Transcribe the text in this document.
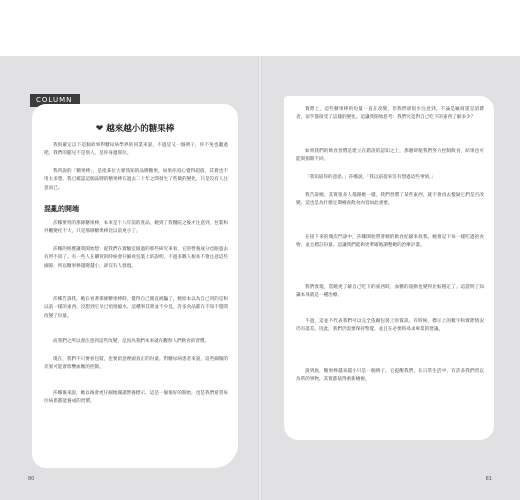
COLUMN
❤ 越來越小的糖果棒
我很確定以下這個故事對糖尿病學界的同業來說，不過是又一個例子，你不免也聽過吧。我們的題兒不是別人，是你身邊那位。
我所說的「糖果棒」，是指某位大眾熟知的品牌糖果，如果你真心覺得超值，其實也不用太多想。我已確認這個品牌的糖果棒在過去二十年之間發生了些微的變化，只是沒有人注意而已。
混亂的開端
莎娜要買的那條糖果棒，本來是十八年前的產品，她到了我醫院之後才注意到，包裝和外觀變化不大，只是那條糖果棒比以前更小了。
莎娜的經歷讓我開始想：從我們在實驗室做過的那些研究來看，它的營養成分也跟過去有所不同了。有一些人在購買的時候會仔細看包裝上的說明，不過多數人根本不會注意這些細節，所以糖果棒越變越小，卻沒有人發現。
莎娜告訴我，她在看著那條糖果棒時，覺得自己簡直被騙了。她原本以為自己買的是和以前一樣的東西，沒想到它早已悄悄縮水。這種事其實並不少見，許多食品都在不知不覺間改變了份量。
而我們之所以會注意到這些改變，是因為我們本來就在觀察人們飲食的習慣。
現在，我們不只要看包裝，也要留意裡頭真正的份量。對糖尿病患者來說，這些細微的差異可能會影響血糖的控制。
莎娜後來說，她以後會更仔細地閱讀營養標示。這是一個很好的開始，也是我們希望每位病患都能養成的習慣。
80
實際上，這些糖果棒的份量一直在改變，但我們卻很少注意到。不論是廠商還是消費者，似乎都接受了這樣的變化。這讓我開始思考：我們究竟對自己吃下的東西了解多少？
如果我們的飲食習慣是建立在錯誤的認知之上，那麼即使我們努力控制飲食，結果也可能與預期不同。
「我知道你的意思，」莎娜說，「我以前從來沒有想過這些事情。」
我告訴她，其實很多人都跟她一樣。我們習慣了某些東西，就不會再去懷疑它們是否改變。這也是為什麼定期檢查飲食內容如此重要。
在接下來的幾次門診中，莎娜開始帶著她的飲食紀錄來找我。她會記下每一樣吃過的食物，並且標註份量。這讓我們能夠更準確地調整她的治療計畫。
我們發現，當她更了解自己吃下的東西時，血糖的波動也變得比較穩定了。這證明了知識本身就是一種治療。
不過，這並不代表我們可以完全依賴包裝上的資訊。有時候，標示上的數字和實際情況仍有落差。因此，我們仍需要保持警覺，並且在必要時尋求專業的建議。
說到底，糖果棒越來越小只是一個例子。它提醒我們，在日常生活中，有許多我們習以為常的事物，其實都值得重新檢視。
81
